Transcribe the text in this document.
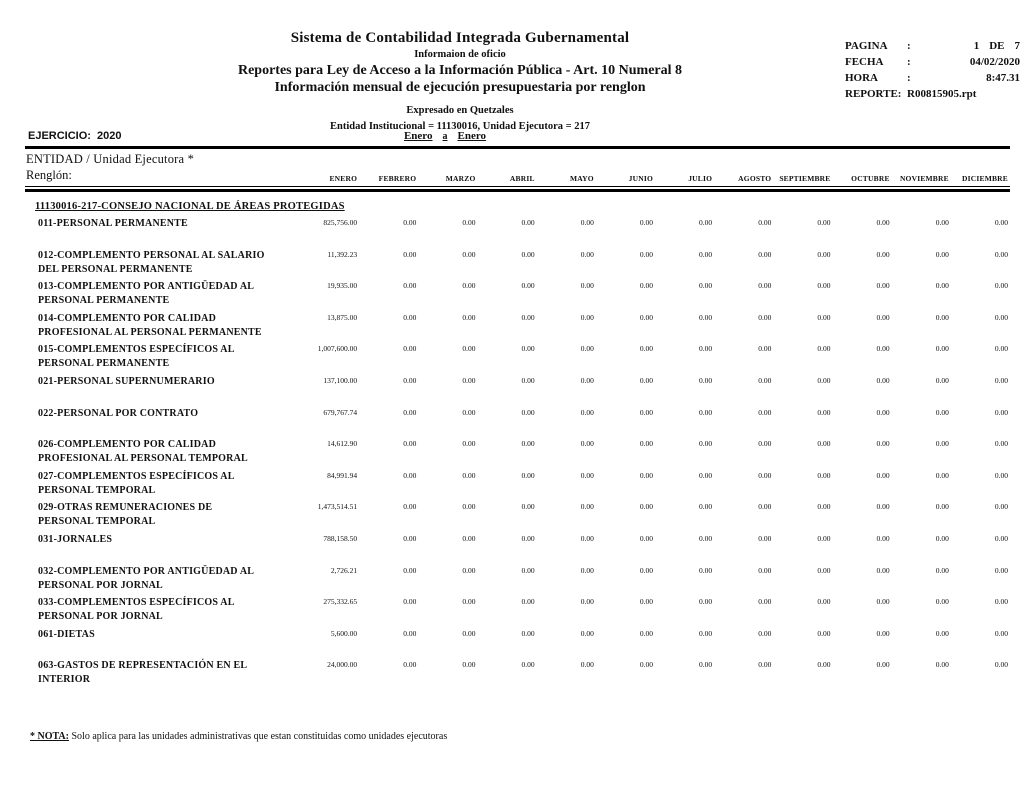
Sistema de Contabilidad Integrada Gubernamental
Informaion de oficio
Reportes para Ley de Acceso a la Información Pública - Art. 10 Numeral 8
Información mensual de ejecución presupuestaria por renglon
Expresado en Quetzales
Entidad Institucional = 11130016, Unidad Ejecutora = 217
PAGINA	:	1 DE 7
FECHA	:	04/02/2020
HORA	:	8:47.31
REPORTE: R00815905.rpt
EJERCICIO: 2020	Enero a Enero
ENTIDAD / Unidad Ejecutora *
Renglón:	ENERO	FEBRERO	MARZO	ABRIL	MAYO	JUNIO	JULIO	AGOSTO	SEPTIEMBRE	OCTUBRE	NOVIEMBRE	DICIEMBRE
11130016-217-CONSEJO NACIONAL DE ÁREAS PROTEGIDAS
011-PERSONAL PERMANENTE	825,756.00	0.00	0.00	0.00	0.00	0.00	0.00	0.00	0.00	0.00	0.00	0.00
012-COMPLEMENTO PERSONAL AL SALARIO DEL PERSONAL PERMANENTE
11,392.23	0.00	0.00	0.00	0.00	0.00	0.00	0.00	0.00	0.00	0.00	0.00
013-COMPLEMENTO POR ANTIGÜEDAD AL PERSONAL PERMANENTE
19,935.00	0.00	0.00	0.00	0.00	0.00	0.00	0.00	0.00	0.00	0.00	0.00
014-COMPLEMENTO POR CALIDAD PROFESIONAL AL PERSONAL PERMANENTE
13,875.00	0.00	0.00	0.00	0.00	0.00	0.00	0.00	0.00	0.00	0.00	0.00
015-COMPLEMENTOS ESPECÍFICOS AL PERSONAL PERMANENTE
1,007,600.00	0.00	0.00	0.00	0.00	0.00	0.00	0.00	0.00	0.00	0.00	0.00
021-PERSONAL SUPERNUMERARIO	137,100.00	0.00	0.00	0.00	0.00	0.00	0.00	0.00	0.00	0.00	0.00	0.00
022-PERSONAL POR CONTRATO	679,767.74	0.00	0.00	0.00	0.00	0.00	0.00	0.00	0.00	0.00	0.00	0.00
026-COMPLEMENTO POR CALIDAD PROFESIONAL AL PERSONAL TEMPORAL
14,612.90	0.00	0.00	0.00	0.00	0.00	0.00	0.00	0.00	0.00	0.00	0.00
027-COMPLEMENTOS ESPECÍFICOS AL PERSONAL TEMPORAL
84,991.94	0.00	0.00	0.00	0.00	0.00	0.00	0.00	0.00	0.00	0.00	0.00
029-OTRAS REMUNERACIONES DE PERSONAL TEMPORAL
1,473,514.51	0.00	0.00	0.00	0.00	0.00	0.00	0.00	0.00	0.00	0.00	0.00
031-JORNALES	788,158.50	0.00	0.00	0.00	0.00	0.00	0.00	0.00	0.00	0.00	0.00	0.00
032-COMPLEMENTO POR ANTIGÜEDAD AL PERSONAL POR JORNAL
2,726.21	0.00	0.00	0.00	0.00	0.00	0.00	0.00	0.00	0.00	0.00	0.00
033-COMPLEMENTOS ESPECÍFICOS AL PERSONAL POR JORNAL
275,332.65	0.00	0.00	0.00	0.00	0.00	0.00	0.00	0.00	0.00	0.00	0.00
061-DIETAS	5,600.00	0.00	0.00	0.00	0.00	0.00	0.00	0.00	0.00	0.00	0.00	0.00
063-GASTOS DE REPRESENTACIÓN EN EL INTERIOR
24,000.00	0.00	0.00	0.00	0.00	0.00	0.00	0.00	0.00	0.00	0.00	0.00
* NOTA: Solo aplica para las unidades administrativas que estan constituidas como unidades ejecutoras
